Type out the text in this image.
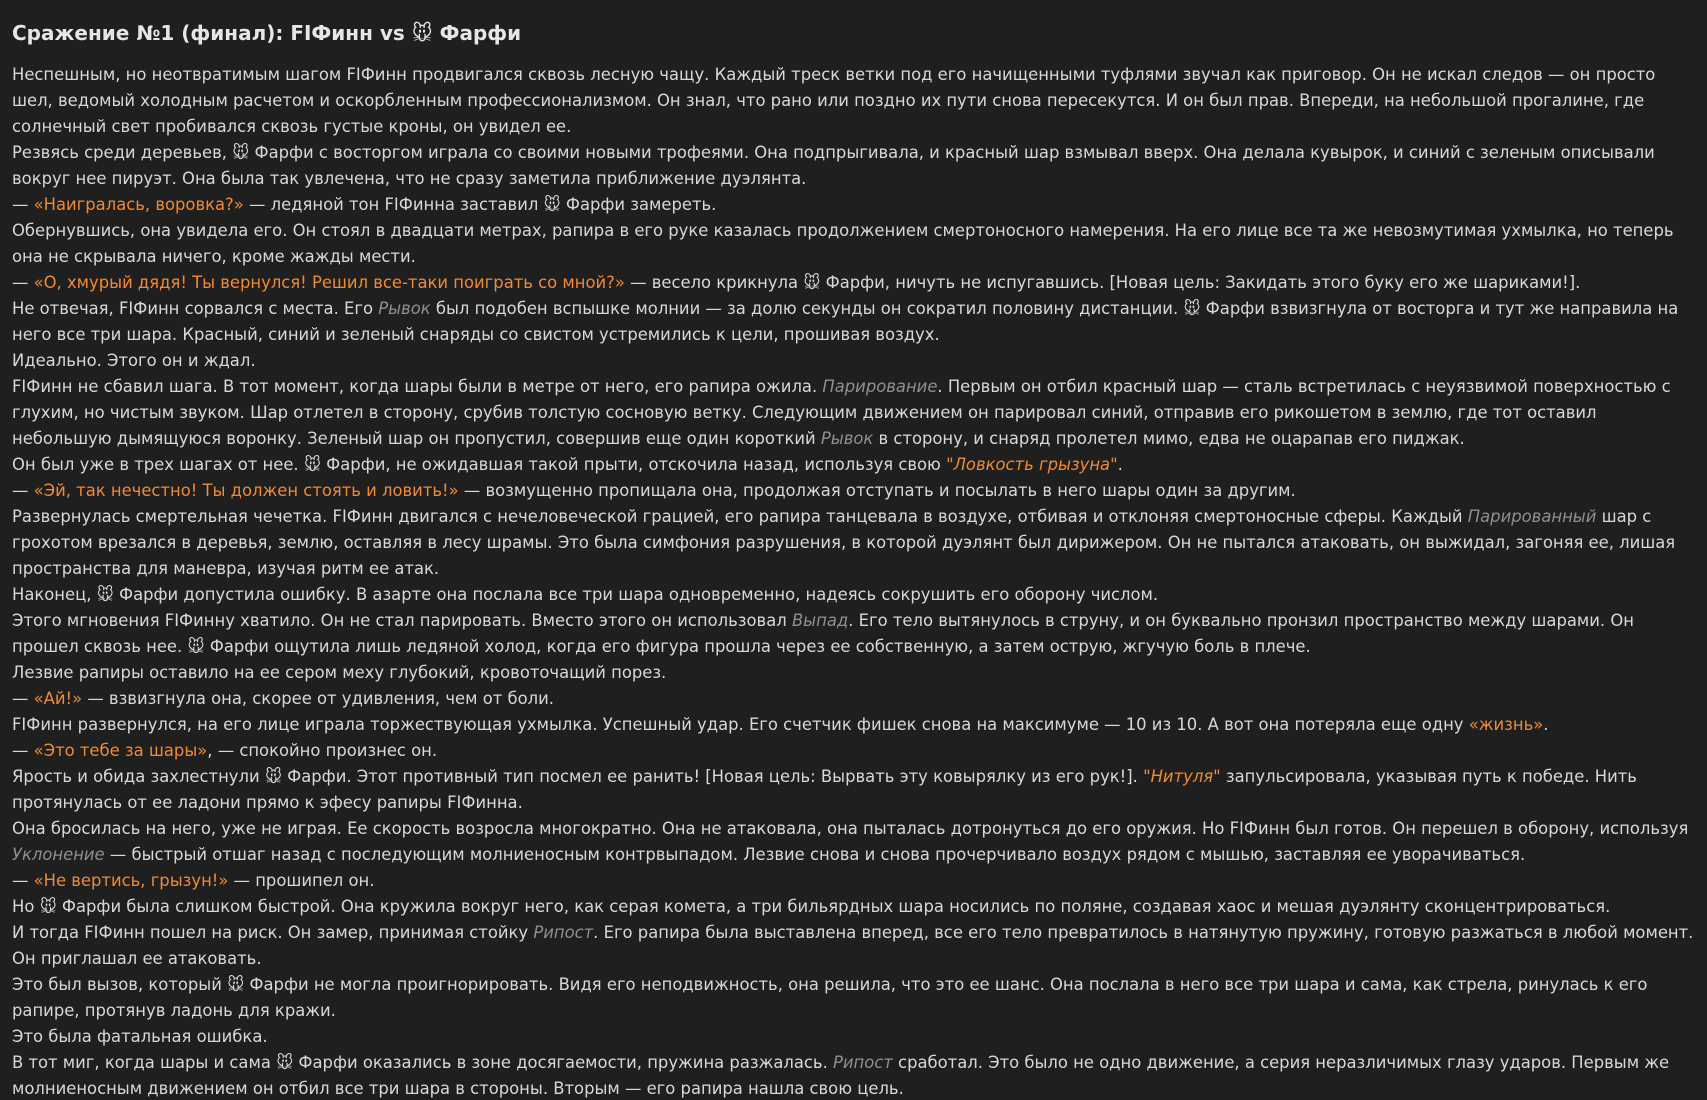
Сражение №1 (финал): FIФинн vs 🐭 Фарфи

Неспешным, но неотвратимым шагом FIФинн продвигался сквозь лесную чащу. Каждый треск ветки под его начищенными туфлями звучал как приговор. Он не искал следов — он просто шел, ведомый холодным расчетом и оскорбленным профессионализмом. Он знал, что рано или поздно их пути снова пересекутся. И он был прав. Впереди, на небольшой прогалине, где солнечный свет пробивался сквозь густые кроны, он увидел ее.

Резвясь среди деревьев, 🐭 Фарфи с восторгом играла со своими новыми трофеями. Она подпрыгивала, и красный шар взмывал вверх. Она делала кувырок, и синий с зеленым описывали вокруг нее пируэт. Она была так увлечена, что не сразу заметила приближение дуэлянта.

— «Наигралась, воровка?» — ледяной тон FIФинна заставил 🐭 Фарфи замереть.

Обернувшись, она увидела его. Он стоял в двадцати метрах, рапира в его руке казалась продолжением смертоносного намерения. На его лице все та же невозмутимая ухмылка, но теперь она не скрывала ничего, кроме жажды мести.

— «О, хмурый дядя! Ты вернулся! Решил все-таки поиграть со мной?» — весело крикнула 🐭 Фарфи, ничуть не испугавшись. [Новая цель: Закидать этого буку его же шариками!].

Не отвечая, FIФинн сорвался с места. Его Рывок был подобен вспышке молнии — за долю секунды он сократил половину дистанции. 🐭 Фарфи взвизгнула от восторга и тут же направила на него все три шара. Красный, синий и зеленый снаряды со свистом устремились к цели, прошивая воздух.

Идеально. Этого он и ждал.

FIФинн не сбавил шага. В тот момент, когда шары были в метре от него, его рапира ожила. Парирование. Первым он отбил красный шар — сталь встретилась с неуязвимой поверхностью с глухим, но чистым звуком. Шар отлетел в сторону, срубив толстую сосновую ветку. Следующим движением он парировал синий, отправив его рикошетом в землю, где тот оставил небольшую дымящуюся воронку. Зеленый шар он пропустил, совершив еще один короткий Рывок в сторону, и снаряд пролетел мимо, едва не оцарапав его пиджак.

Он был уже в трех шагах от нее. 🐭 Фарфи, не ожидавшая такой прыти, отскочила назад, используя свою "Ловкость грызуна".

— «Эй, так нечестно! Ты должен стоять и ловить!» — возмущенно пропищала она, продолжая отступать и посылать в него шары один за другим.

Развернулась смертельная чечетка. FIФинн двигался с нечеловеческой грацией, его рапира танцевала в воздухе, отбивая и отклоняя смертоносные сферы. Каждый Парированный шар с грохотом врезался в деревья, землю, оставляя в лесу шрамы. Это была симфония разрушения, в которой дуэлянт был дирижером. Он не пытался атаковать, он выжидал, загоняя ее, лишая пространства для маневра, изучая ритм ее атак.

Наконец, 🐭 Фарфи допустила ошибку. В азарте она послала все три шара одновременно, надеясь сокрушить его оборону числом.

Этого мгновения FIФинну хватило. Он не стал парировать. Вместо этого он использовал Выпад. Его тело вытянулось в струну, и он буквально пронзил пространство между шарами. Он прошел сквозь нее. 🐭 Фарфи ощутила лишь ледяной холод, когда его фигура прошла через ее собственную, а затем острую, жгучую боль в плече.

Лезвие рапиры оставило на ее сером меху глубокий, кровоточащий порез.

— «Ай!» — взвизгнула она, скорее от удивления, чем от боли.

FIФинн развернулся, на его лице играла торжествующая ухмылка. Успешный удар. Его счетчик фишек снова на максимуме — 10 из 10. А вот она потеряла еще одну «жизнь».

— «Это тебе за шары», — спокойно произнес он.

Ярость и обида захлестнули 🐭 Фарфи. Этот противный тип посмел ее ранить! [Новая цель: Вырвать эту ковырялку из его рук!]. "Нитуля" запульсировала, указывая путь к победе. Нить протянулась от ее ладони прямо к эфесу рапиры FIФинна.

Она бросилась на него, уже не играя. Ее скорость возросла многократно. Она не атаковала, она пыталась дотронуться до его оружия. Но FIФинн был готов. Он перешел в оборону, используя Уклонение — быстрый отшаг назад с последующим молниеносным контрвыпадом. Лезвие снова и снова прочерчивало воздух рядом с мышью, заставляя ее уворачиваться.

— «Не вертись, грызун!» — прошипел он.

Но 🐭 Фарфи была слишком быстрой. Она кружила вокруг него, как серая комета, а три бильярдных шара носились по поляне, создавая хаос и мешая дуэлянту сконцентрироваться.

И тогда FIФинн пошел на риск. Он замер, принимая стойку Рипост. Его рапира была выставлена вперед, все его тело превратилось в натянутую пружину, готовую разжаться в любой момент. Он приглашал ее атаковать.

Это был вызов, который 🐭 Фарфи не могла проигнорировать. Видя его неподвижность, она решила, что это ее шанс. Она послала в него все три шара и сама, как стрела, ринулась к его рапире, протянув ладонь для кражи.

Это была фатальная ошибка.

В тот миг, когда шары и сама 🐭 Фарфи оказались в зоне досягаемости, пружина разжалась. Рипост сработал. Это было не одно движение, а серия неразличимых глазу ударов. Первым же молниеносным движением он отбил все три шара в стороны. Вторым — его рапира нашла свою цель.
